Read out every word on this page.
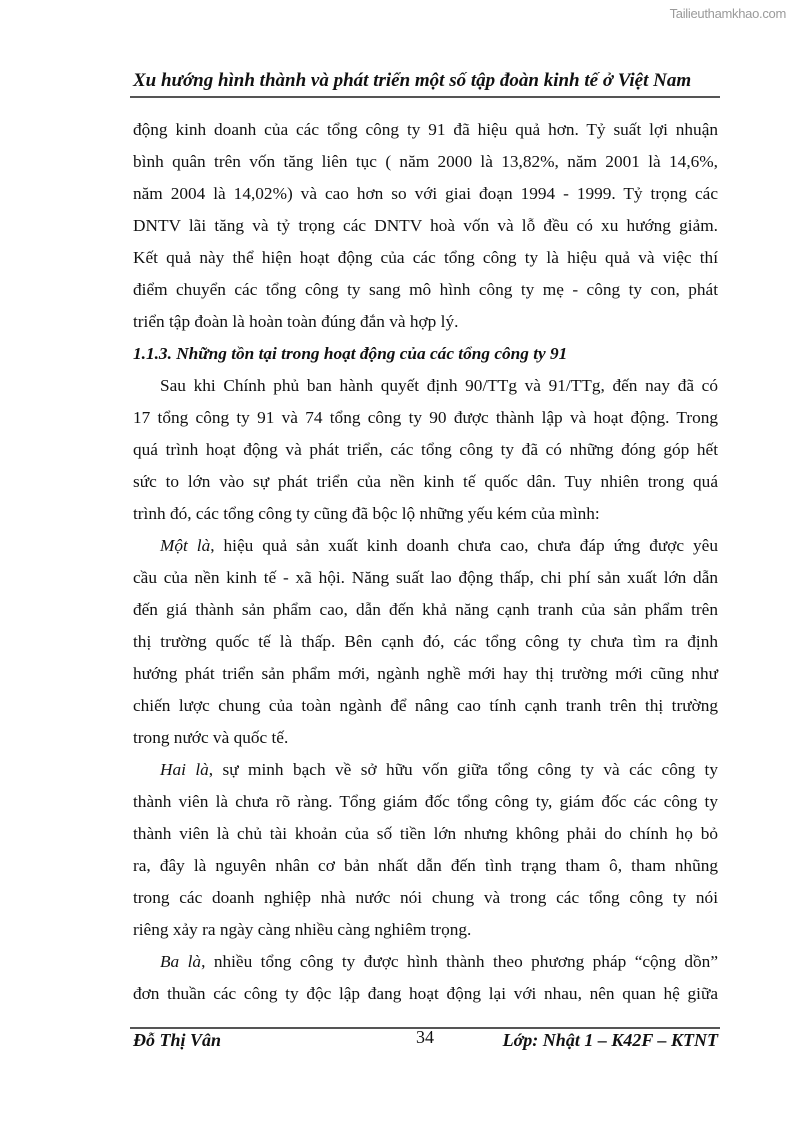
Tailieuthamkhao.com
Xu hướng hình thành và phát triển một số tập đoàn kinh tế ở Việt Nam
động kinh doanh của các tổng công ty 91 đã hiệu quả hơn. Tỷ suất lợi nhuận
bình quân trên vốn tăng liên tục ( năm 2000 là 13,82%, năm 2001 là 14,6%,
năm 2004 là 14,02%) và cao hơn so với giai đoạn 1994 - 1999. Tỷ trọng các
DNTV lãi tăng và tỷ trọng các DNTV hoà vốn và lỗ đều có xu hướng giảm.
Kết quả này thể hiện hoạt động của các tổng công ty là hiệu quả và việc thí
điểm chuyển các tổng công ty sang mô hình công ty mẹ - công ty con, phát
triển tập đoàn là hoàn toàn đúng đắn và hợp lý.
1.1.3. Những tồn tại trong hoạt động của các tổng công ty 91
Sau khi Chính phủ ban hành quyết định 90/TTg và 91/TTg, đến nay đã có
17 tổng công ty 91 và 74 tổng công ty 90 được thành lập và hoạt động. Trong
quá trình hoạt động và phát triển, các tổng công ty đã có những đóng góp hết
sức to lớn vào sự phát triển của nền kinh tế quốc dân. Tuy nhiên trong quá
trình đó, các tổng công ty cũng đã bộc lộ những yếu kém của mình:
Một là, hiệu quả sản xuất kinh doanh chưa cao, chưa đáp ứng được yêu
cầu của nền kinh tế - xã hội. Năng suất lao động thấp, chi phí sản xuất lớn dẫn
đến giá thành sản phẩm cao, dẫn đến khả năng cạnh tranh của sản phẩm trên
thị trường quốc tế là thấp. Bên cạnh đó, các tổng công ty chưa tìm ra định
hướng phát triển sản phẩm mới, ngành nghề mới hay thị trường mới cũng như
chiến lược chung của toàn ngành để nâng cao tính cạnh tranh trên thị trường
trong nước và quốc tế.
Hai là, sự minh bạch về sở hữu vốn giữa tổng công ty và các công ty
thành viên là chưa rõ ràng. Tổng giám đốc tổng công ty, giám đốc các công ty
thành viên là chủ tài khoản của số tiền lớn nhưng không phải do chính họ bỏ
ra, đây là nguyên nhân cơ bản nhất dẫn đến tình trạng tham ô, tham nhũng
trong các doanh nghiệp nhà nước nói chung và trong các tổng công ty nói
riêng xảy ra ngày càng nhiều càng nghiêm trọng.
Ba là, nhiều tổng công ty được hình thành theo phương pháp “cộng dồn”
đơn thuần các công ty độc lập đang hoạt động lại với nhau, nên quan hệ giữa
Đỗ Thị Vân	34	Lớp: Nhật 1 – K42F – KTNT
